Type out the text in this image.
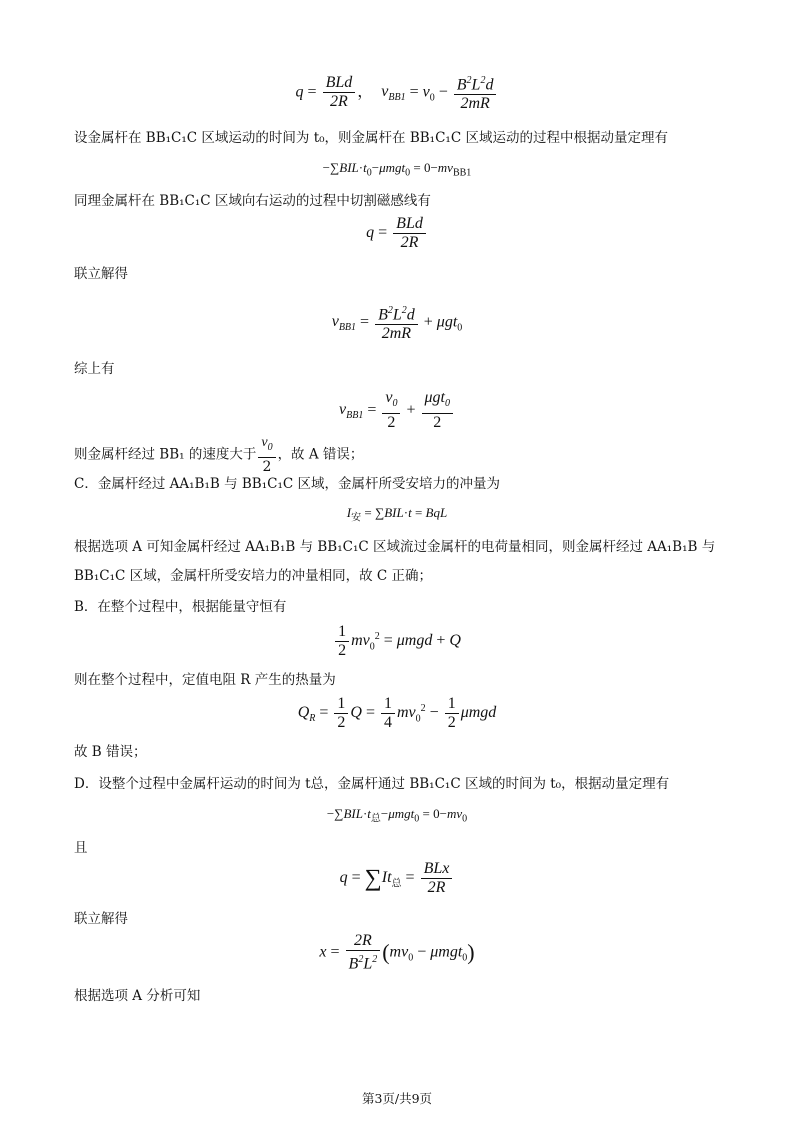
$q = \frac{\text{BLd}}{2R}$ ，  $v_{BB1} = v_0 - \frac{B^2L^2d}{2mR}$
设金属杆在 BB₁C₁C 区域运动的时间为 t₀，则金属杆在 BB₁C₁C 区域运动的过程中根据动量定理有
$-\sum BIL\cdot t_0-\mu mgt_0 = 0-mv_{BB1}$
同理金属杆在 BB₁C₁C 区域向右运动的过程中切割磁感线有
$q = \frac{\text{BLd}}{2R}$
联立解得
$v_{BB1} = \frac{B^2L^2d}{2mR} + \mu gt_0$
综上有
$v_{BB1} = \frac{v_0}{2} + \frac{\mu gt_0}{2}$
则金属杆经过 BB₁ 的速度大于 $\frac{v_0}{2}$ ，故 A 错误；
C．金属杆经过 AA₁B₁B 与 BB₁C₁C 区域，金属杆所受安培力的冲量为
$I_安 = \sum BIL\cdot t$ = BqL
根据选项 A 可知金属杆经过 AA₁B₁B 与 BB₁C₁C 区域流过金属杆的电荷量相同，则金属杆经过 AA₁B₁B 与
BB₁C₁C 区域，金属杆所受安培力的冲量相同，故 C 正确；
B．在整个过程中，根据能量守恒有
$\frac{1}{2} mv_0^2 = \mu mgd + Q$
则在整个过程中，定值电阻 R 产生的热量为
$Q_R = \frac{1}{2}$ $Q = \frac{1}{4} mv_0^2 - \frac{1}{2}$ μmgd
故 B 错误；
D．设整个过程中金属杆运动的时间为 t总，金属杆通过 BB₁C₁C 区域的时间为 t₀，根据动量定理有
$-\sum BIL\cdot t_总-\mu mgt_0 = 0-mv_0$
且
$q = \sum It_总 = \frac{\text{BLx}}{2R}$
联立解得
$x = \frac{2R}{B^2L^2} (mv_0 - \mu mgt_0)$
根据选项 A 分析可知
第3页/共9页
